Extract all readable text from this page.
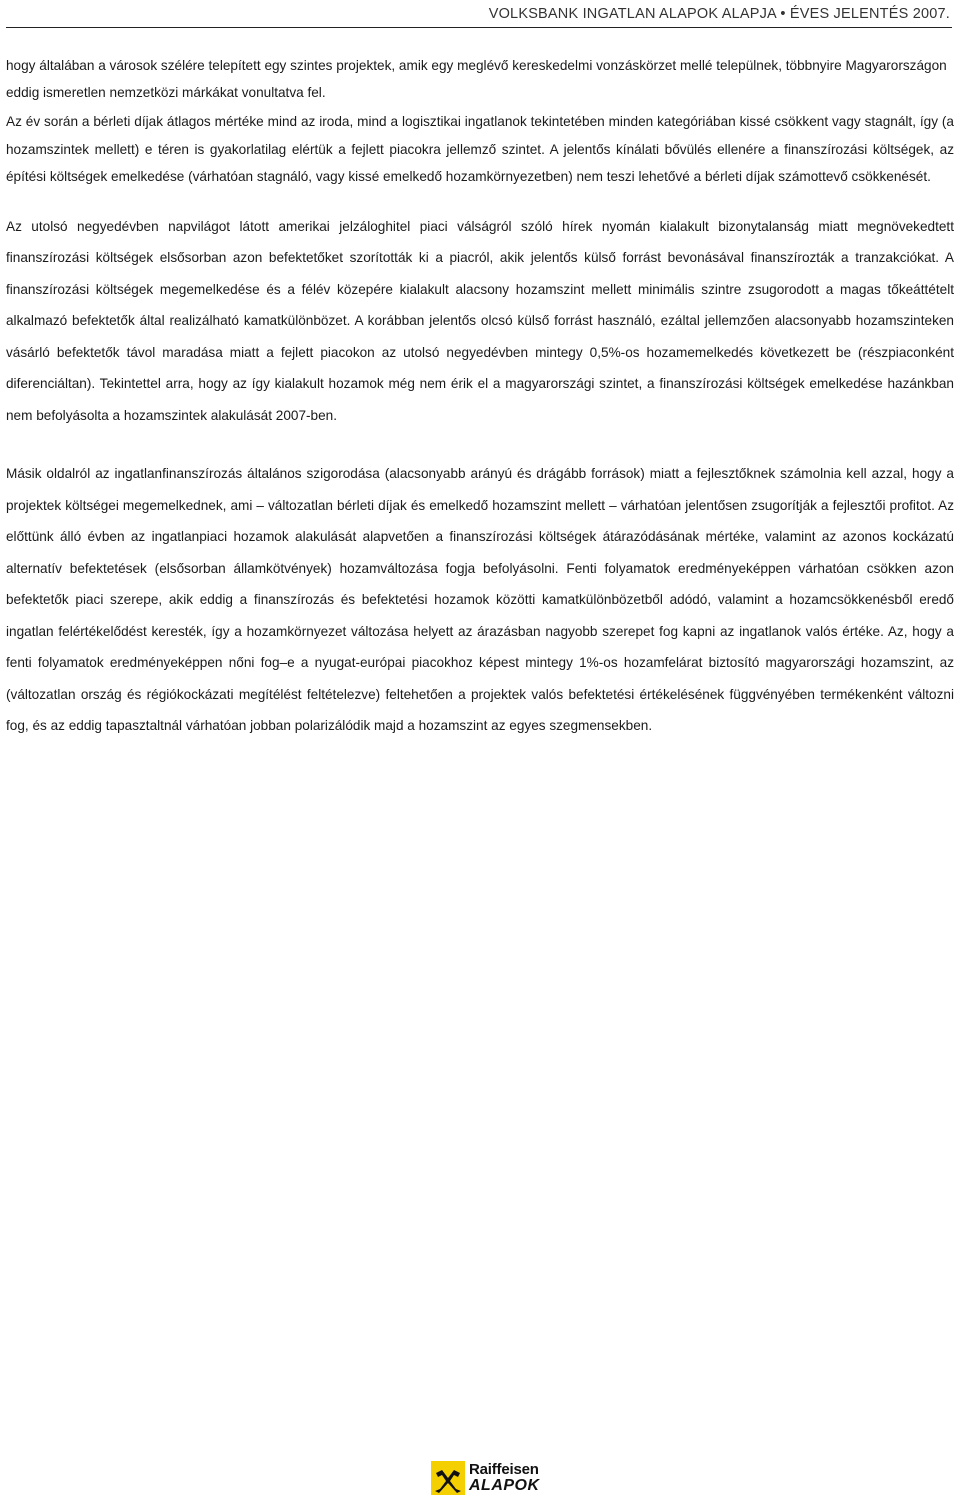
VOLKSBANK INGATLAN ALAPOK ALAPJA • ÉVES JELENTÉS 2007.

hogy általában a városok szélére telepített egy szintes projektek, amik egy meglévő kereskedelmi vonzáskörzet mellé települnek, többnyire Magyarországon eddig ismeretlen nemzetközi márkákat vonultatva fel.

Az év során a bérleti díjak átlagos mértéke mind az iroda, mind a logisztikai ingatlanok tekintetében minden kategóriában kissé csökkent vagy stagnált, így (a hozamszintek mellett) e téren is gyakorlatilag elértük a fejlett piacokra jellemző szintet. A jelentős kínálati bővülés ellenére a finanszírozási költségek, az építési költségek emelkedése (várhatóan stagnáló, vagy kissé emelkedő hozamkörnyezetben) nem teszi lehetővé a bérleti díjak számottevő csökkenését.

Az utolsó negyedévben napvilágot látott amerikai jelzáloghitel piaci válságról szóló hírek nyomán kialakult bizonytalanság miatt megnövekedtett finanszírozási költségek elsősorban azon befektetőket szorították ki a piacról, akik jelentős külső forrást bevonásával finanszírozták a tranzakciókat. A finanszírozási költségek megemelkedése és a félév közepére kialakult alacsony hozamszint mellett minimális szintre zsugorodott a magas tőkeáttételt alkalmazó befektetők által realizálható kamatkülönbözet. A korábban jelentős olcsó külső forrást használó, ezáltal jellemzően alacsonyabb hozamszinteken vásárló befektetők távol maradása miatt a fejlett piacokon az utolsó negyedévben mintegy 0,5%-os hozamemelkedés következett be (részpiaconként diferenciáltan). Tekintettel arra, hogy az így kialakult hozamok még nem érik el a magyarországi szintet, a finanszírozási költségek emelkedése hazánkban nem befolyásolta a hozamszintek alakulását 2007-ben.

Másik oldalról az ingatlanfinanszírozás általános szigorodása (alacsonyabb arányú és drágább források) miatt a fejlesztőknek számolnia kell azzal, hogy a projektek költségei megemelkednek, ami – változatlan bérleti díjak és emelkedő hozamszint mellett – várhatóan jelentősen zsugorítják a fejlesztői profitot. Az előttünk álló évben az ingatlanpiaci hozamok alakulását alapvetően a finanszírozási költségek átárazódásának mértéke, valamint az azonos kockázatú alternatív befektetések (elsősorban államkötvények) hozamváltozása fogja befolyásolni. Fenti folyamatok eredményeképpen várhatóan csökken azon befektetők piaci szerepe, akik eddig a finanszírozás és befektetési hozamok közötti kamatkülönbözetből adódó, valamint a hozamcsökkenésből eredő ingatlan felértékelődést keresték, így a hozamkörnyezet változása helyett az árazásban nagyobb szerepet fog kapni az ingatlanok valós értéke. Az, hogy a fenti folyamatok eredményeképpen nőni fog–e a nyugat-európai piacokhoz képest mintegy 1%-os hozamfelárat biztosító magyarországi hozamszint, az (változatlan ország és régiókockázati megítélést feltételezve) feltehetően a projektek valós befektetési értékelésének függvényében termékenként változni fog, és az eddig tapasztaltnál várhatóan jobban polarizálódik majd a hozamszint az egyes szegmensekben.

Raiffeisen
ALAPOK
